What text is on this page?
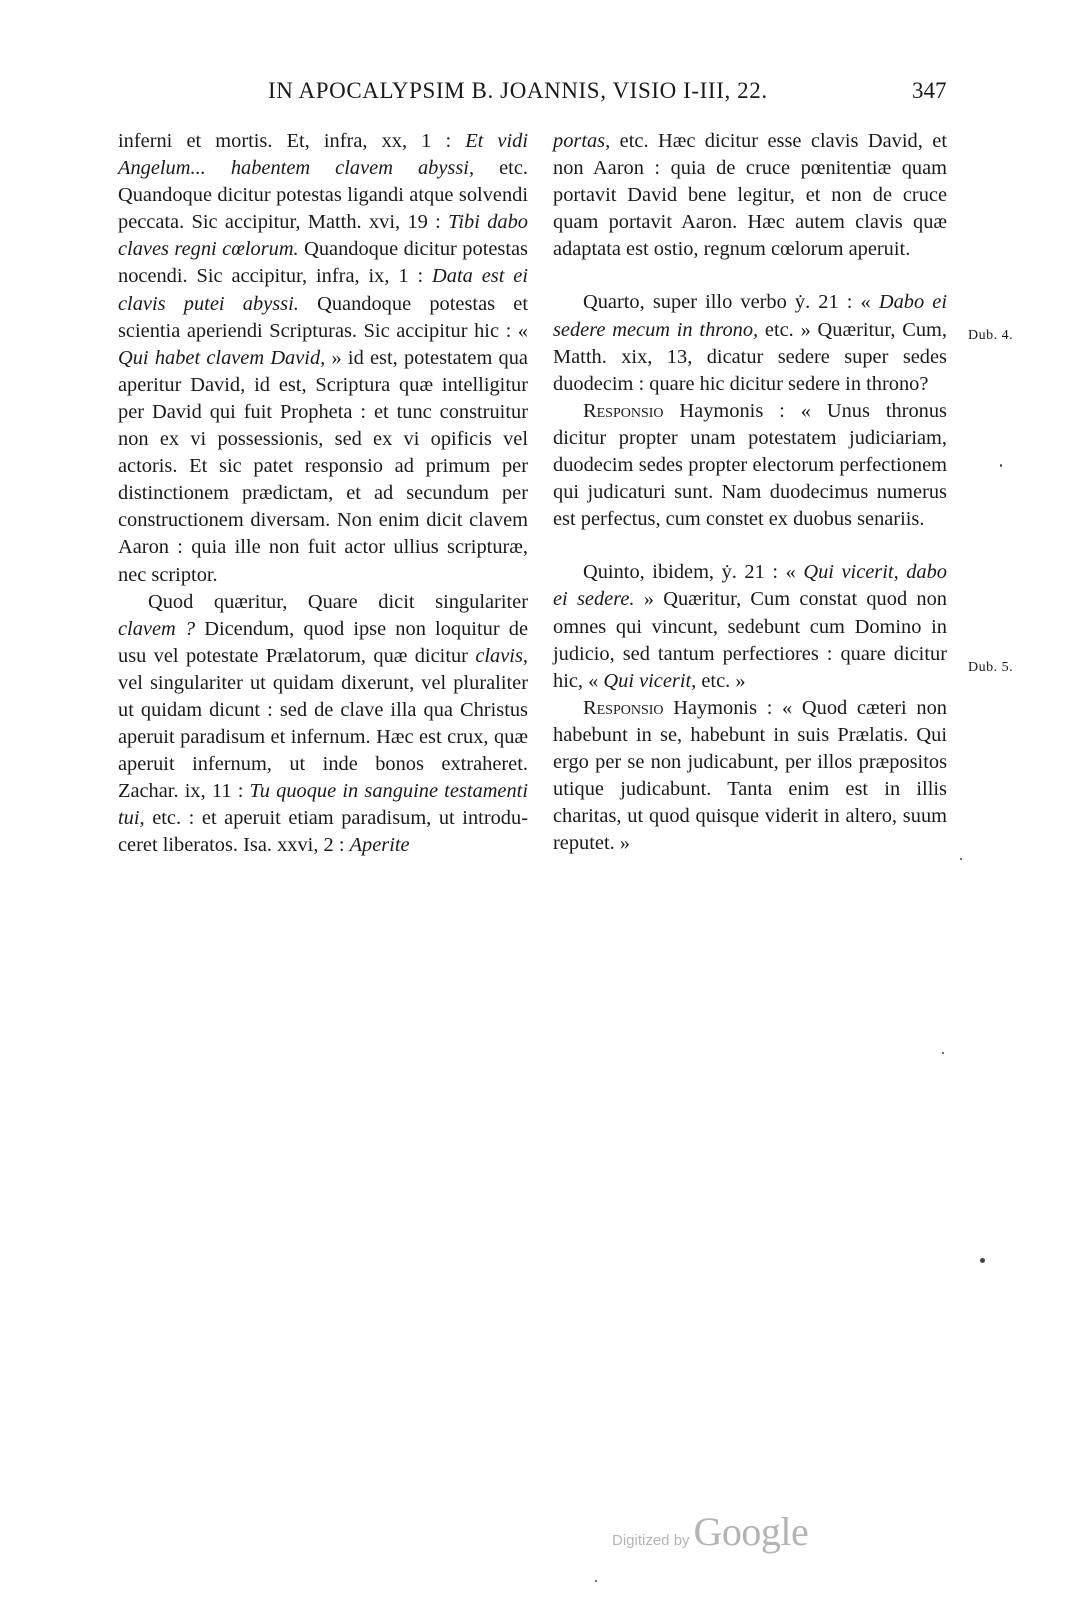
IN APOCALYPSIM B. JOANNIS, VISIO I-III, 22.	347

inferni et mortis. Et, infra, xx, 1 : Et vidi Angelum... habentem clavem abyssi, etc. Quandoque dicitur potestas ligandi atque solvendi peccata. Sic accipitur, Matth. xvi, 19 : Tibi dabo claves regni cœlorum. Quandoque dicitur potestas nocendi. Sic accipitur, infra, ix, 1 : Data est ei clavis putei abyssi. Quandoque potestas et scientia aperiendi Scripturas. Sic accipitur hic : « Qui habet clavem David, » id est, potestatem qua aperitur David, id est, Scriptura quæ intelligitur per David qui fuit Propheta : et tunc construitur non ex vi possessionis, sed ex vi opificis vel actoris. Et sic patet responsio ad primum per distinctionem prædictam, et ad secundum per constructionem diversam. Non enim dicit clavem Aaron : quia ille non fuit actor ullius scripturæ, nec scriptor.

Quod quæritur, Quare dicit singulariter clavem ? Dicendum, quod ipse non loquitur de usu vel potestate Prælatorum, quæ dicitur clavis, vel singulariter ut quidam dixerunt, vel pluraliter ut quidam dicunt : sed de clave illa qua Christus aperuit paradisum et infernum. Hæc est crux, quæ aperuit infernum, ut inde bonos extraheret. Zachar. ix, 11 : Tu quoque in sanguine testamenti tui, etc. : et aperuit etiam paradisum, ut introduceret liberatos. Isa. xxvi, 2 : Aperite

portas, etc. Hæc dicitur esse clavis David, et non Aaron : quia de cruce pœnitentiæ quam portavit David bene legitur, et non de cruce quam portavit Aaron. Hæc autem clavis quæ adaptata est ostio, regnum cœlorum aperuit.

Quarto, super illo verbo ẏ. 21 : « Dabo ei sedere mecum in throno, etc. » Quæritur, Cum, Matth. xix, 13, dicatur sedere super sedes duodecim : quare hic dicitur sedere in throno?

Responsio Haymonis : « Unus thronus dicitur propter unam potestatem judiciariam, duodecim sedes propter electorum perfectionem qui judicaturi sunt. Nam duodecimus numerus est perfectus, cum constet ex duobus senariis.

Quinto, ibidem, ẏ. 21 : « Qui vicerit, dabo ei sedere. » Quæritur, Cum constat quod non omnes qui vincunt, sedebunt cum Domino in judicio, sed tantum perfectiores : quare dicitur hic, « Qui vicerit, etc. »

Responsio Haymonis : « Quod cæteri non habebunt in se, habebunt in suis Prælatis. Qui ergo per se non judicabunt, per illos præpositos utique judicabunt. Tanta enim est in illis charitas, ut quod quisque viderit in altero, suum reputet. »

Dub. 4.
Dub. 5.
Digitized by Google
